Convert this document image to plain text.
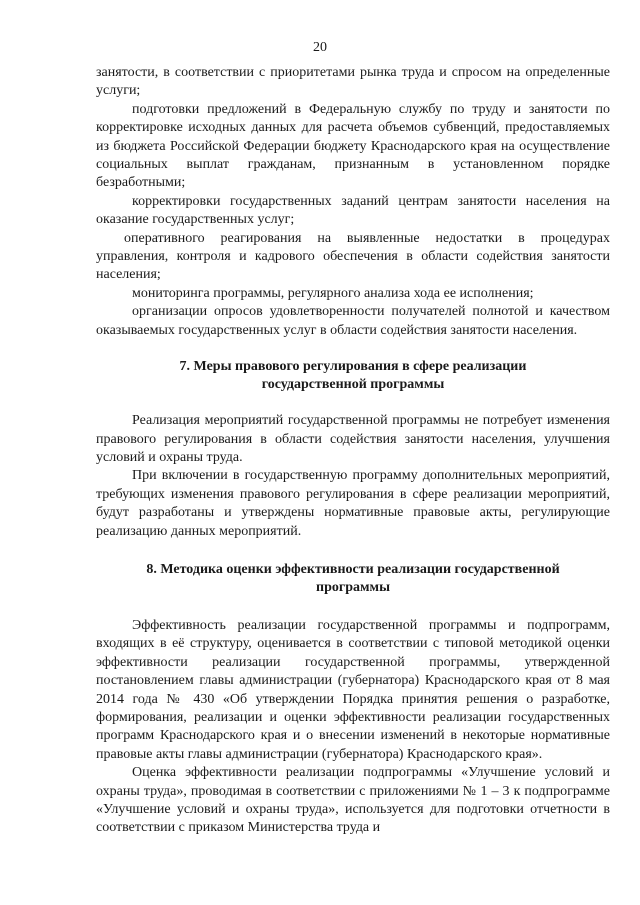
20

занятости, в соответствии с приоритетами рынка труда и спросом на определенные услуги;

подготовки предложений в Федеральную службу по труду и занятости по корректировке исходных данных для расчета объемов субвенций, предоставляемых из бюджета Российской Федерации бюджету Краснодарского края на осуществление социальных выплат гражданам, признанным в установленном порядке безработными;

корректировки государственных заданий центрам занятости населения на оказание государственных услуг;

оперативного реагирования на выявленные недостатки в процедурах управления, контроля и кадрового обеспечения в области содействия занятости населения;

мониторинга программы, регулярного анализа хода ее исполнения;

организации опросов удовлетворенности получателей полнотой и качеством оказываемых государственных услуг в области содействия занятости населения.

7. Меры правового регулирования в сфере реализации
государственной программы

Реализация мероприятий государственной программы не потребует изменения правового регулирования в области содействия занятости населения, улучшения условий и охраны труда.

При включении в государственную программу дополнительных мероприятий, требующих изменения правового регулирования в сфере реализации мероприятий, будут разработаны и утверждены нормативные правовые акты, регулирующие реализацию данных мероприятий.

8. Методика оценки эффективности реализации государственной
программы

Эффективность реализации государственной программы и подпрограмм, входящих в её структуру, оценивается в соответствии с типовой методикой оценки эффективности реализации государственной программы, утвержденной постановлением главы администрации (губернатора) Краснодарского края от 8 мая 2014 года № 430 «Об утверждении Порядка принятия решения о разработке, формирования, реализации и оценки эффективности реализации государственных программ Краснодарского края и о внесении изменений в некоторые нормативные правовые акты главы администрации (губернатора) Краснодарского края».

Оценка эффективности реализации подпрограммы «Улучшение условий и охраны труда», проводимая в соответствии с приложениями № 1 – 3 к подпрограмме «Улучшение условий и охраны труда», используется для подготовки отчетности в соответствии с приказом Министерства труда и
